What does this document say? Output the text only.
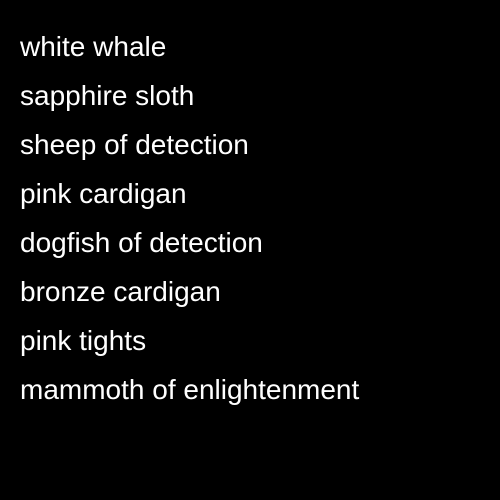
white whale
sapphire sloth
sheep of detection
pink cardigan
dogfish of detection
bronze cardigan
pink tights
mammoth of enlightenment
